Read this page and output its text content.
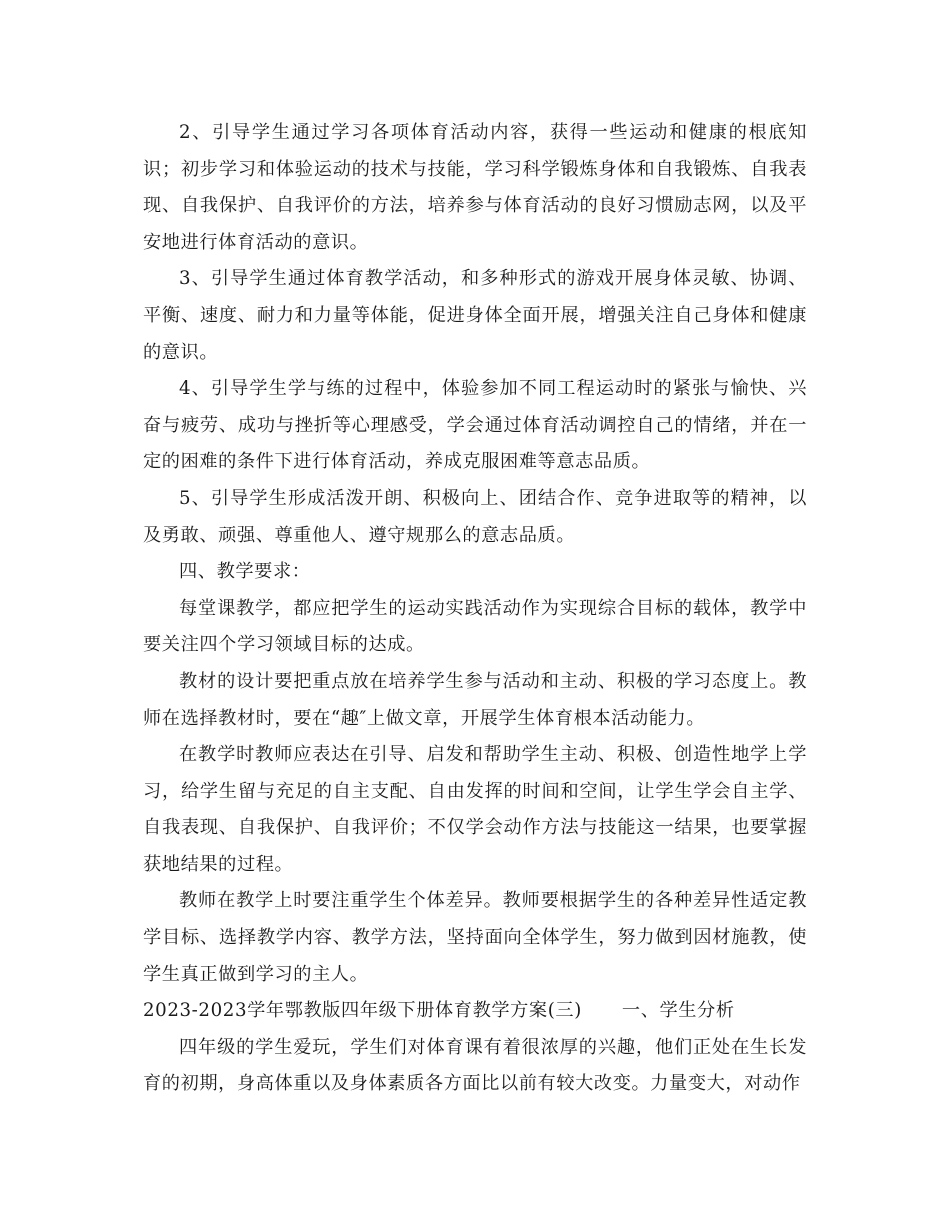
2、引导学生通过学习各项体育活动内容，获得一些运动和健康的根底知识；初步学习和体验运动的技术与技能，学习科学锻炼身体和自我锻炼、自我表现、自我保护、自我评价的方法，培养参与体育活动的良好习惯励志网，以及平安地进行体育活动的意识。

3、引导学生通过体育教学活动，和多种形式的游戏开展身体灵敏、协调、平衡、速度、耐力和力量等体能，促进身体全面开展，增强关注自己身体和健康的意识。

4、引导学生学与练的过程中，体验参加不同工程运动时的紧张与愉快、兴奋与疲劳、成功与挫折等心理感受，学会通过体育活动调控自己的情绪，并在一定的困难的条件下进行体育活动，养成克服困难等意志品质。

5、引导学生形成活泼开朗、积极向上、团结合作、竞争进取等的精神，以及勇敢、顽强、尊重他人、遵守规那么的意志品质。

四、教学要求：

每堂课教学，都应把学生的运动实践活动作为实现综合目标的载体，教学中要关注四个学习领域目标的达成。

教材的设计要把重点放在培养学生参与活动和主动、积极的学习态度上。教师在选择教材时，要在“趣″上做文章，开展学生体育根本活动能力。

在教学时教师应表达在引导、启发和帮助学生主动、积极、创造性地学上学习，给学生留与充足的自主支配、自由发挥的时间和空间，让学生学会自主学、自我表现、自我保护、自我评价；不仅学会动作方法与技能这一结果，也要掌握获地结果的过程。

教师在教学上时要注重学生个体差异。教师要根据学生的各种差异性适定教学目标、选择教学内容、教学方法，坚持面向全体学生，努力做到因材施教，使学生真正做到学习的主人。

2023-2023学年鄂教版四年级下册体育教学方案(三) 一、学生分析

四年级的学生爱玩，学生们对体育课有着很浓厚的兴趣，他们正处在生长发育的初期，身高体重以及身体素质各方面比以前有较大改变。力量变大，对动作
